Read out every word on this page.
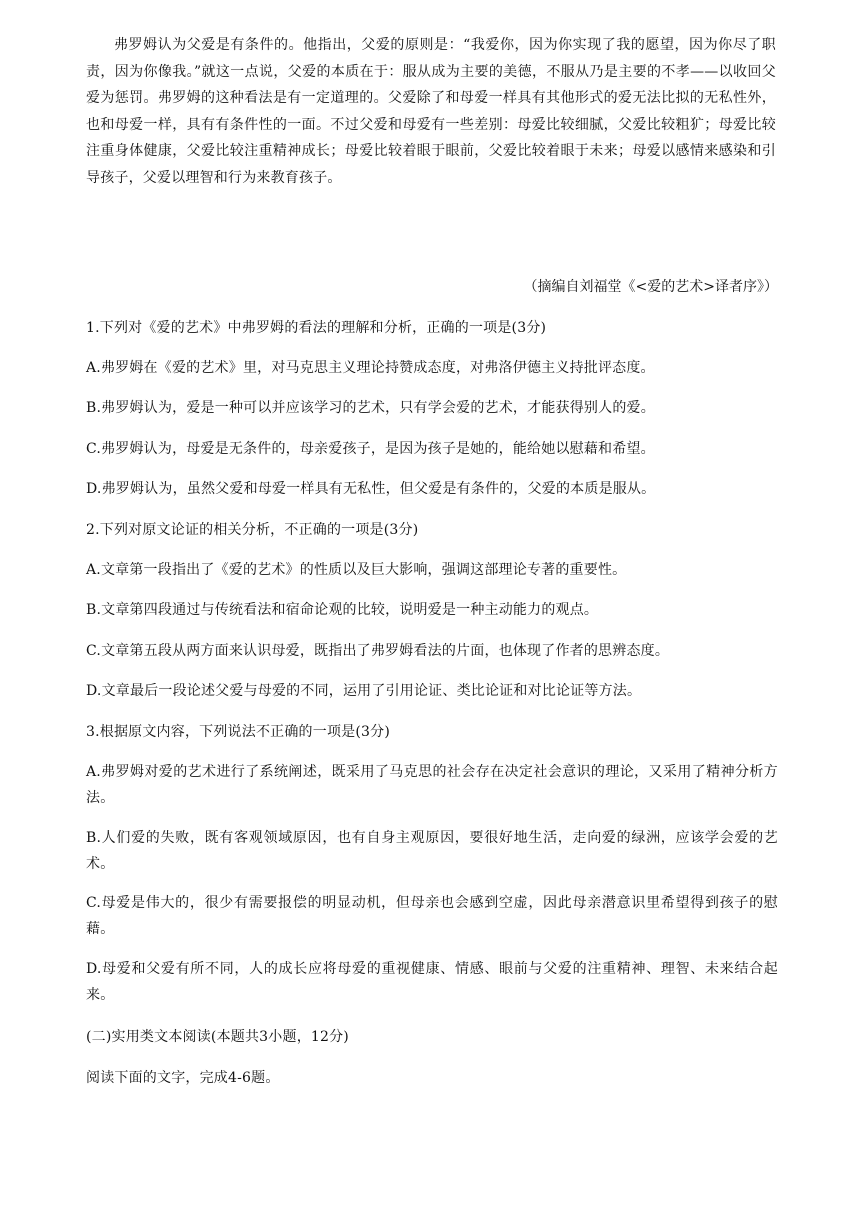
弗罗姆认为父爱是有条件的。他指出，父爱的原则是：“我爱你，因为你实现了我的愿望，因为你尽了职责，因为你像我。”就这一点说，父爱的本质在于：服从成为主要的美德，不服从乃是主要的不孝——以收回父爱为惩罚。弗罗姆的这种看法是有一定道理的。父爱除了和母爱一样具有其他形式的爱无法比拟的无私性外，也和母爱一样，具有有条件性的一面。不过父爱和母爱有一些差别：母爱比较细腻，父爱比较粗犷；母爱比较注重身体健康，父爱比较注重精神成长；母爱比较着眼于眼前，父爱比较着眼于未来；母爱以感情来感染和引导孩子，父爱以理智和行为来教育孩子。
（摘编自刘福堂《<爱的艺术>译者序》）
1.下列对《爱的艺术》中弗罗姆的看法的理解和分析，正确的一项是(3分)
A.弗罗姆在《爱的艺术》里，对马克思主义理论持赞成态度，对弗洛伊德主义持批评态度。
B.弗罗姆认为，爱是一种可以并应该学习的艺术，只有学会爱的艺术，才能获得别人的爱。
C.弗罗姆认为，母爱是无条件的，母亲爱孩子，是因为孩子是她的，能给她以慰藉和希望。
D.弗罗姆认为，虽然父爱和母爱一样具有无私性，但父爱是有条件的，父爱的本质是服从。
2.下列对原文论证的相关分析，不正确的一项是(3分)
A.文章第一段指出了《爱的艺术》的性质以及巨大影响，强调这部理论专著的重要性。
B.文章第四段通过与传统看法和宿命论观的比较，说明爱是一种主动能力的观点。
C.文章第五段从两方面来认识母爱，既指出了弗罗姆看法的片面，也体现了作者的思辨态度。
D.文章最后一段论述父爱与母爱的不同，运用了引用论证、类比论证和对比论证等方法。
3.根据原文内容，下列说法不正确的一项是(3分)
A.弗罗姆对爱的艺术进行了系统阐述，既采用了马克思的社会存在决定社会意识的理论，又采用了精神分析方法。
B.人们爱的失败，既有客观领域原因，也有自身主观原因，要很好地生活，走向爱的绿洲，应该学会爱的艺术。
C.母爱是伟大的，很少有需要报偿的明显动机，但母亲也会感到空虚，因此母亲潜意识里希望得到孩子的慰藉。
D.母爱和父爱有所不同，人的成长应将母爱的重视健康、情感、眼前与父爱的注重精神、理智、未来结合起来。
(二)实用类文本阅读(本题共3小题，12分)
阅读下面的文字，完成4-6题。
